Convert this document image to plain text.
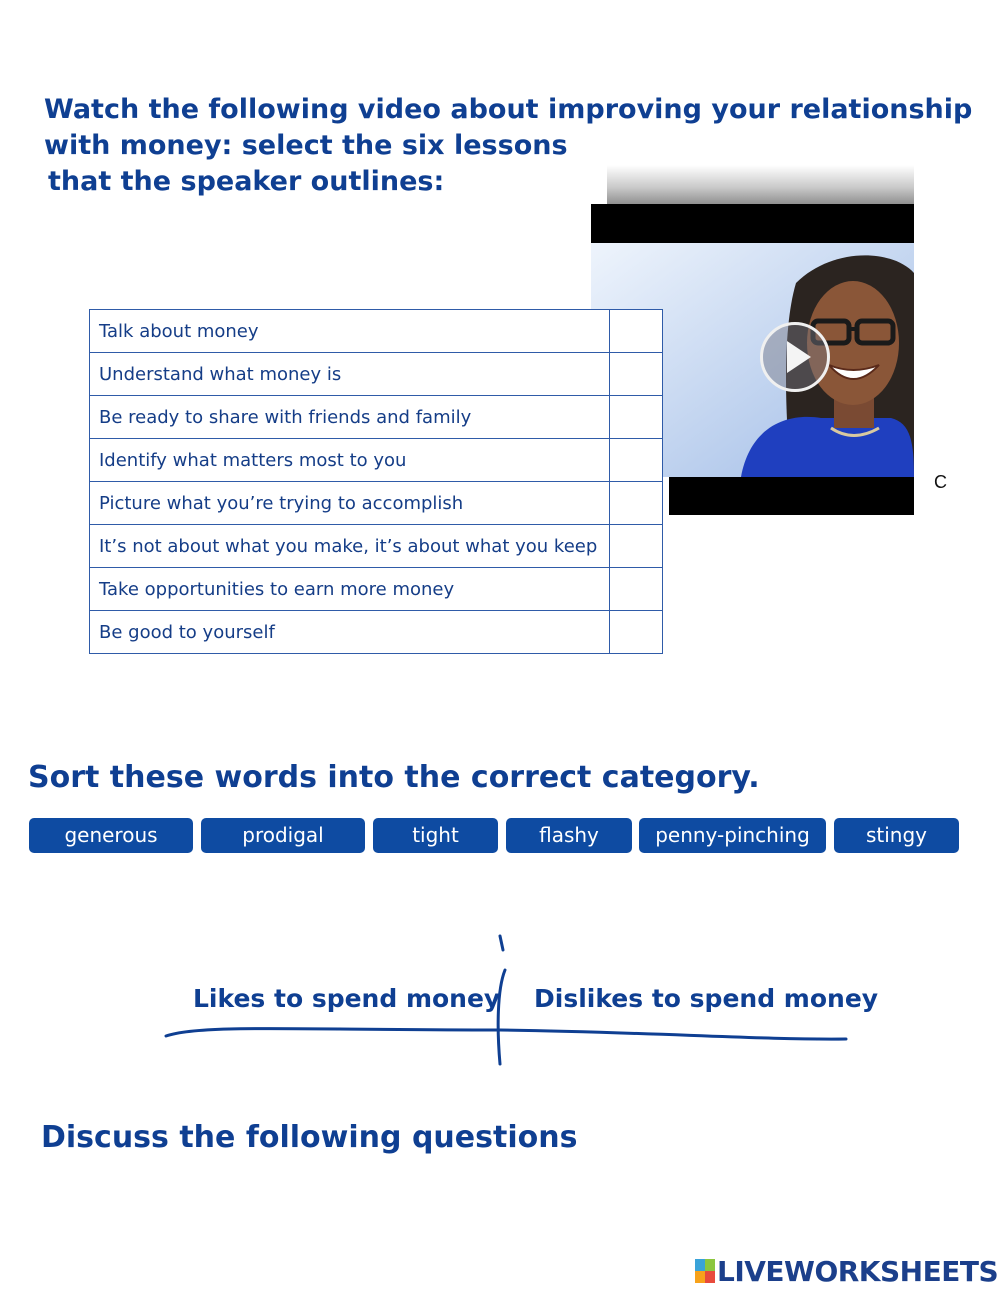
Watch the following video about improving your relationship
with money: select the six lessons
that the speaker outlines:
C
Talk about money	
Understand what money is	
Be ready to share with friends and family	
Identify what matters most to you	
Picture what you’re trying to accomplish	
It’s not about what you make, it’s about what you keep	
Take opportunities to earn more money	
Be good to yourself	
Sort these words into the correct category.
generous	prodigal	tight	flashy	penny-pinching	stingy
Likes to spend money Dislikes to spend money
Discuss the following questions
LIVEWORKSHEETS
